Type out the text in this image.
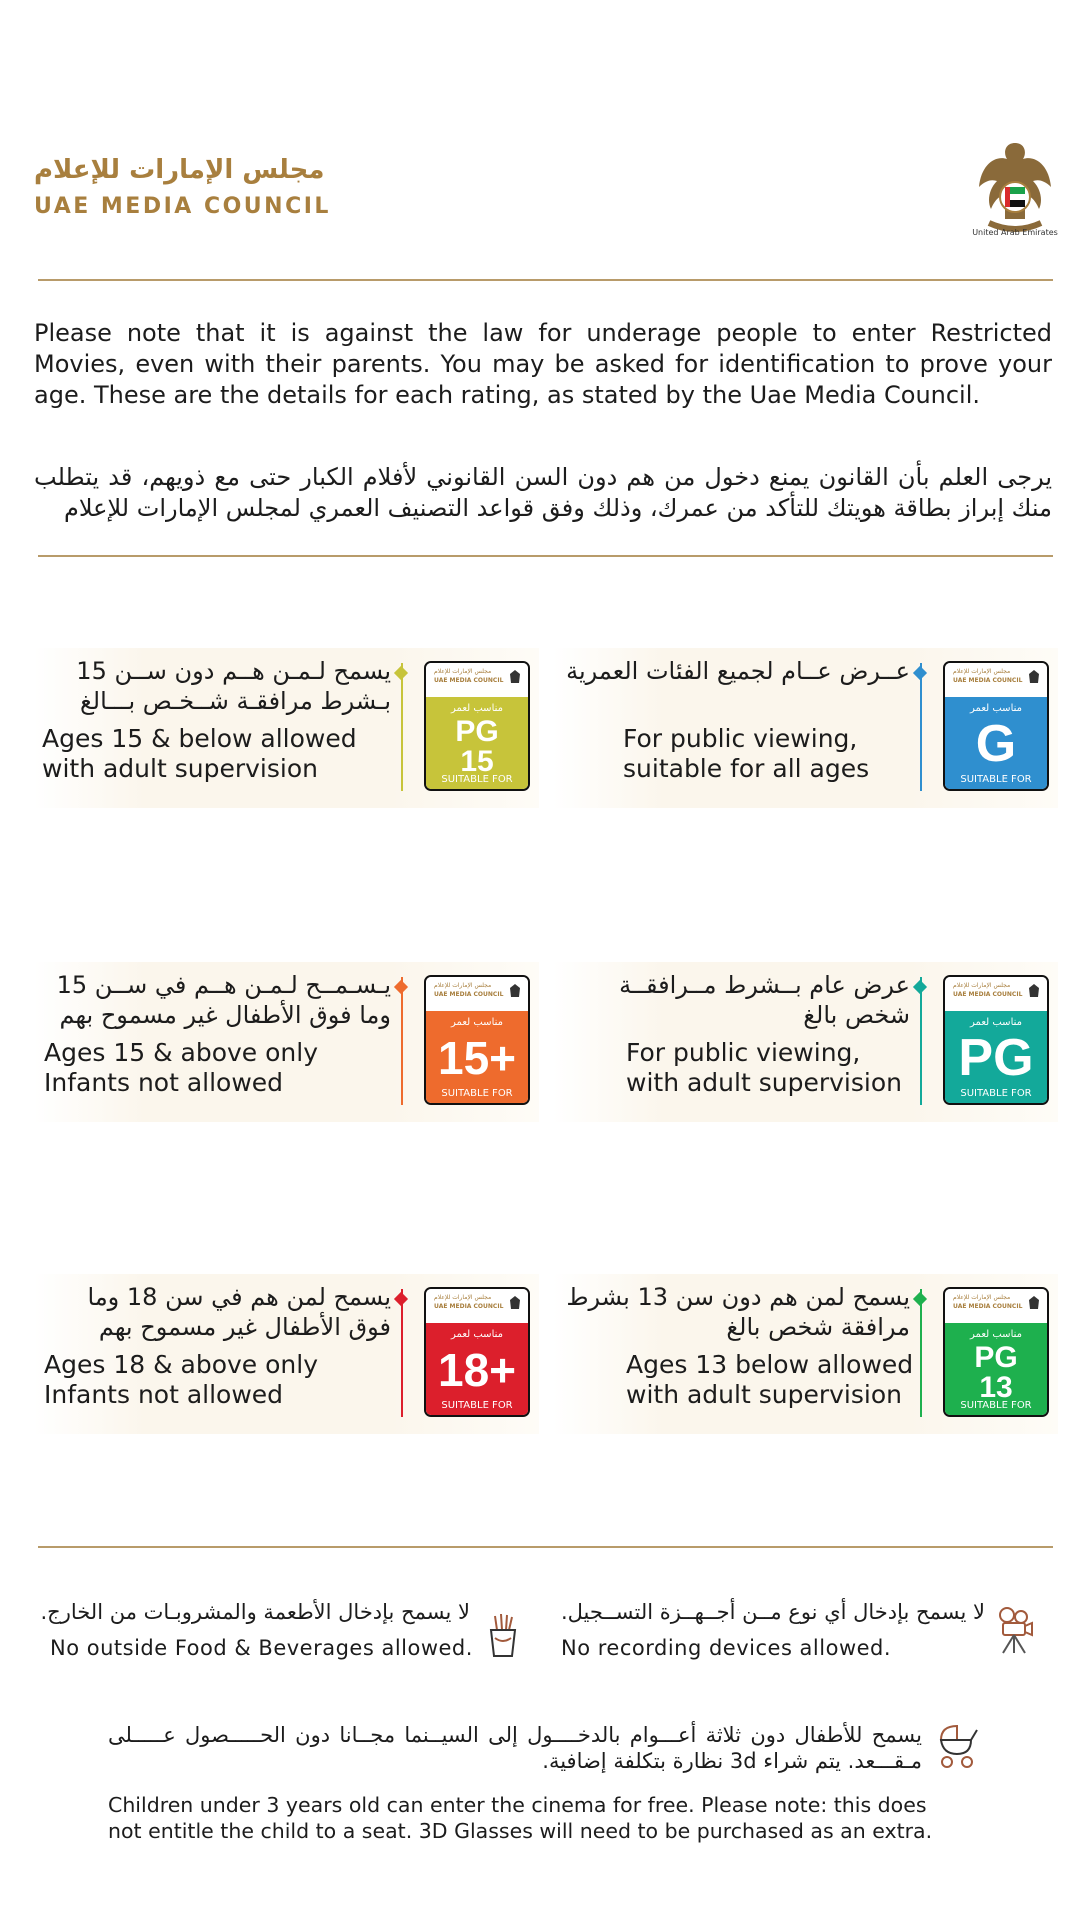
مجلس الإمارات للإعلام
UAE MEDIA COUNCIL
United Arab Emirates
Please note that it is against the law for underage people to enter Restricted Movies, even with their parents. You may be asked for identification to prove your age. These are the details for each rating, as stated by the Uae Media Council.
يرجى العلم بأن القانون يمنع دخول من هم دون السن القانوني لأفلام الكبار حتى مع ذويهم، قد يتطلب منك إبراز بطاقة هويتك للتأكد من عمرك، وذلك وفق قواعد التصنيف العمري لمجلس الإمارات للإعلام
يسمح لـمـن هــم دون ســن 15 بـشرط مرافقـة شــخـص بـــالغ
Ages 15 & below allowed
with adult supervision
مجلس الإمارات للإعلام
UAE MEDIA COUNCIL
مناسب لعمر
PG
15
SUITABLE FOR
عــرض عــام لجميع الفئات العمرية
For public viewing,
suitable for all ages
مجلس الإمارات للإعلام
UAE MEDIA COUNCIL
مناسب لعمر
G
SUITABLE FOR
يـسـمــح لـمـن هــم في ســن 15 وما فوق الأطفال غير مسموح بهم
Ages 15 & above only
Infants not allowed
مجلس الإمارات للإعلام
UAE MEDIA COUNCIL
مناسب لعمر
15+
SUITABLE FOR
عرض عام بــشرط مــرافقــة شخص بالغ
For public viewing,
with adult supervision
مجلس الإمارات للإعلام
UAE MEDIA COUNCIL
مناسب لعمر
PG
SUITABLE FOR
يسمح لمن هم في سن 18 وما فوق الأطفال غير مسموح بهم
Ages 18 & above only
Infants not allowed
مجلس الإمارات للإعلام
UAE MEDIA COUNCIL
مناسب لعمر
18+
SUITABLE FOR
يسمح لمن هم دون سن 13 بشرط مرافقة شخص بالغ
Ages 13 below allowed
with adult supervision
مجلس الإمارات للإعلام
UAE MEDIA COUNCIL
مناسب لعمر
PG
13
SUITABLE FOR
لا يسمح بإدخال أي نوع مــن أجــهــزة التســجيل.
No recording devices allowed.
لا يسمح بإدخال الأطعمة والمشروبـات من الخارج.
No outside Food & Beverages allowed.
يسمح للأطفال دون ثلاثة أعـــوام بالدخــــول إلى السيــنما مجــانا دون الحـــــصول عـــــلى مـقـــعد. يتم شراء 3d نظارة بتكلفة إضافية.
Children under 3 years old can enter the cinema for free. Please note: this does not entitle the child to a seat. 3D Glasses will need to be purchased as an extra.
